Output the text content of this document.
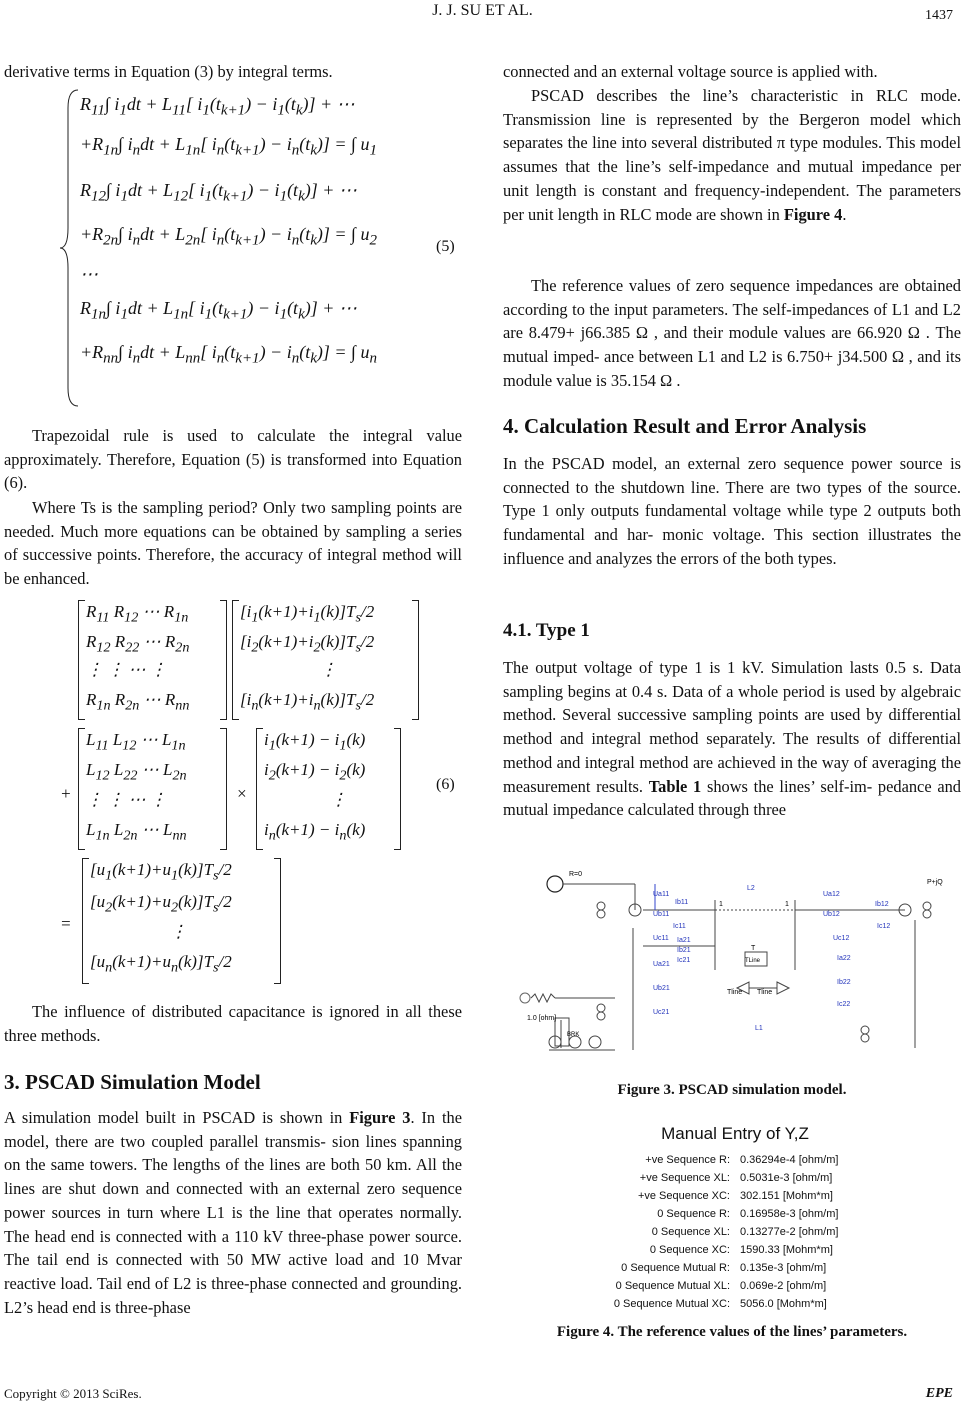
J. J. SU ET AL.	1437

derivative terms in Equation (3) by integral terms.

$R_{11}\int$ $i_1dt + L_{11}$[ $i_1(t_{k+1}) - i_1(t_k)$] + ⋯
$+R_{1n}\int$ $i_ndt + L_{1n}$[ $i_n(t_{k+1}) - i_n(t_k)$] = ∫ $u_1$
$R_{12}\int$ $i_1dt + L_{12}$[ $i_1(t_{k+1}) - i_1(t_k)$] + ⋯
$+R_{2n}\int$ $i_ndt + L_{2n}$[ $i_n(t_{k+1}) - i_n(t_k)$] = ∫ $u_2$
⋯
$R_{1n}\int$ $i_1dt + L_{1n}$[ $i_1(t_{k+1}) - i_1(t_k)$] + ⋯
$+R_{nn}\int$ $i_ndt + L_{nn}$[ $i_n(t_{k+1}) - i_n(t_k)$] = ∫ $u_n$
(5)

Trapezoidal rule is used to calculate the integral value approximately. Therefore, Equation (5) is transformed into Equation (6).

Where Ts is the sampling period? Only two sampling points are needed. Much more equations can be obtained by sampling a series of successive points. Therefore, the accuracy of integral method will be enhanced.

$R_{11}$ $R_{12}$ ⋯ $R_{1n}$
$R_{12}$ $R_{22}$ ⋯ $R_{2n}$
⋮ ⋮ ⋯ ⋮
$R_{1n}$ $R_{2n}$ ⋯ $R_{nn}$
$[i_1(k+1)+i_1(k)]T_s/2$
$[i_2(k+1)+i_2(k)]T_s/2$
⋮
$[i_n(k+1)+i_n(k)]T_s/2$
+
$L_{11}$ $L_{12}$ ⋯ $L_{1n}$
$L_{12}$ $L_{22}$ ⋯ $L_{2n}$
⋮ ⋮ ⋯ ⋮
$L_{1n}$ $L_{2n}$ ⋯ $L_{nn}$
×
$i_1(k+1) - i_1(k)$
$i_2(k+1) - i_2(k)$
⋮
$i_n(k+1) - i_n(k)$
(6)
=
$[u_1(k+1)+u_1(k)]T_s/2$
$[u_2(k+1)+u_2(k)]T_s/2$
⋮
$[u_n(k+1)+u_n(k)]T_s/2$

The influence of distributed capacitance is ignored in all these three methods.

3. PSCAD Simulation Model

A simulation model built in PSCAD is shown in Figure 3. In the model, there are two coupled parallel transmis- sion lines spanning on the same towers. The lengths of the lines are both 50 km. All the lines are shut down and connected with an external zero sequence power sources in turn where L1 is the line that operates normally. The head end is connected with a 110 kV three-phase power source. The tail end is connected with 50 MW active load and 10 Mvar reactive load. Tail end of L2 is three-phase connected and grounding. L2’s head end is three-phase

connected and an external voltage source is applied with.

PSCAD describes the line’s characteristic in RLC mode. Transmission line is represented by the Bergeron model which separates the line into several distributed π type modules. This model assumes that the line’s self-impedance and mutual impedance per unit length is constant and frequency-independent. The parameters per unit length in RLC mode are shown in Figure 4.

The reference values of zero sequence impedances are obtained according to the input parameters. The self-impedances of L1 and L2 are 8.479+ j66.385 Ω , and their module values are 66.920 Ω . The mutual imped- ance between L1 and L2 is 6.750+ j34.500 Ω , and its module value is 35.154 Ω .

4. Calculation Result and Error Analysis

In the PSCAD model, an external zero sequence power source is connected to the shutdown line. There are two types of the source. Type 1 only outputs fundamental voltage while type 2 outputs both fundamental and har- monic voltage. This section illustrates the influence and analyzes the errors of the both types.

4.1. Type 1

The output voltage of type 1 is 1 kV. Simulation lasts 0.5 s. Data sampling begins at 0.4 s. Data of a whole period is used by algebraic method. Several successive sampling points are used by differential method and integral method separately. The results of differential method and integral method are achieved in the way of averaging the measurement results. Table 1 shows the lines’ self-im- pedance and mutual impedance calculated through three

R=0
Ua11
Ub11
Uc11
Ib11
Ic11
Ia21
Ib21
Ic21
Ua21
Ub21
Uc21
L2
L1
Tline Tline
TLine
T
1	1
Ua12
Ub12
Uc12
Ib12
Ic12
Ia22
Ib22
Ic22
1.0 [ohm]
BRK
P+jQ
Figure 3. PSCAD simulation model.
Manual Entry of Y,Z
+ve Sequence R: 0.36294e-4 [ohm/m]
+ve Sequence XL: 0.5031e-3 [ohm/m]
+ve Sequence XC: 302.151 [Mohm*m]
0 Sequence R: 0.16958e-3 [ohm/m]
0 Sequence XL: 0.13277e-2 [ohm/m]
0 Sequence XC: 1590.33 [Mohm*m]
0 Sequence Mutual R: 0.135e-3 [ohm/m]
0 Sequence Mutual XL: 0.069e-2 [ohm/m]
0 Sequence Mutual XC: 5056.0 [Mohm*m]
Figure 4. The reference values of the lines’ parameters.
Copyright © 2013 SciRes.	EPE
